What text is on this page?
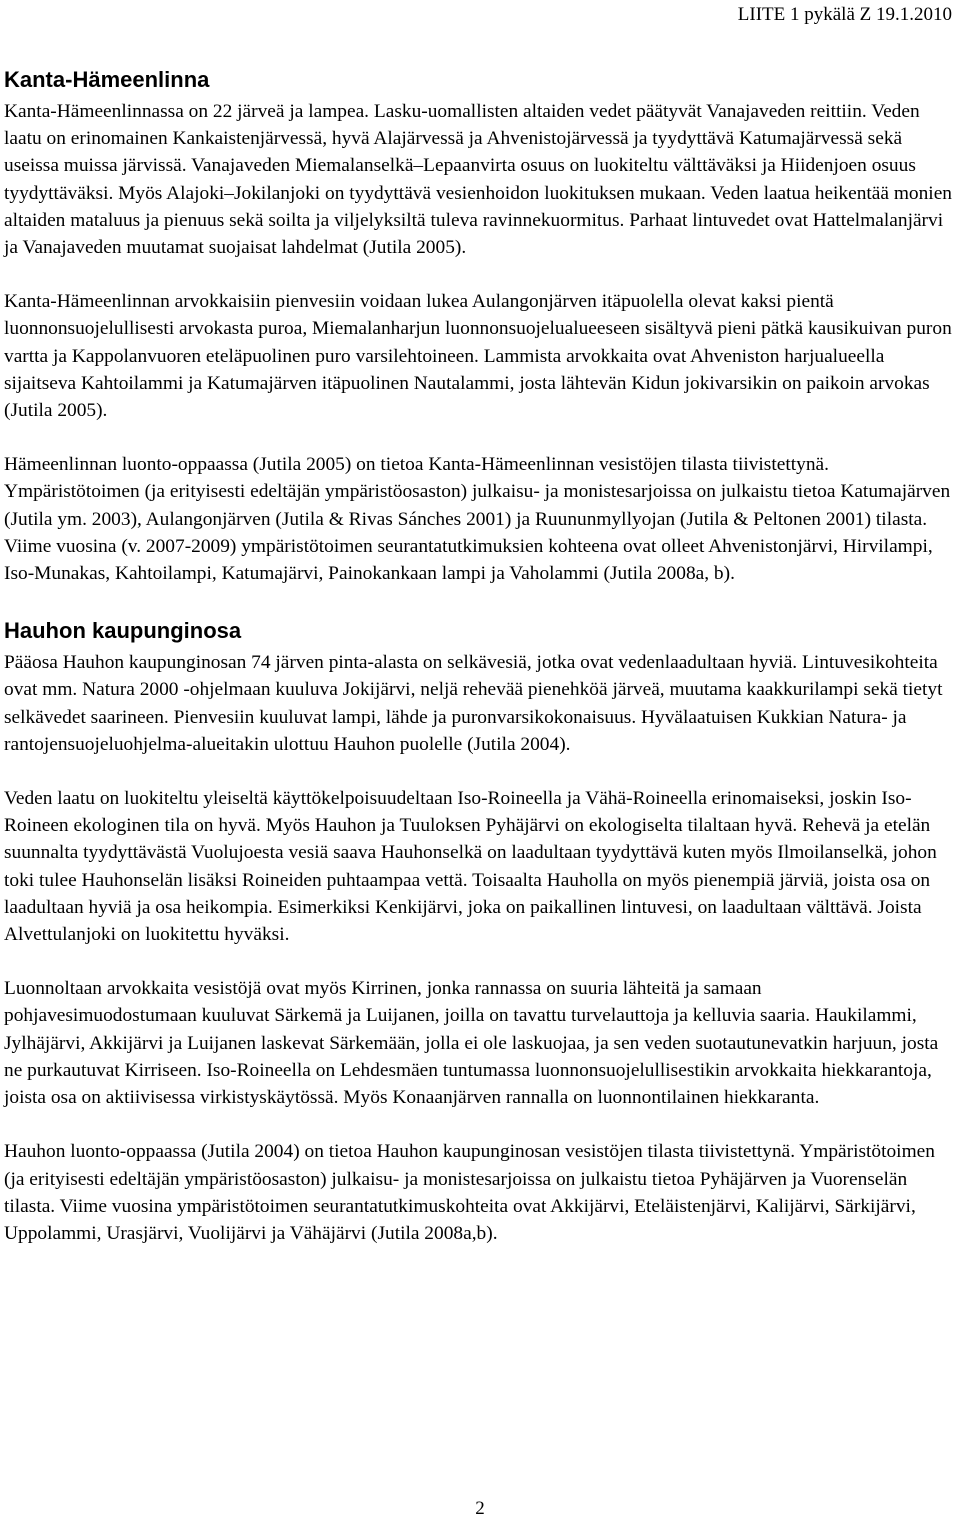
LIITE 1 pykälä Z 19.1.2010
Kanta-Hämeenlinna

Kanta-Hämeenlinnassa on 22 järveä ja lampea. Lasku-uomallisten altaiden vedet päätyvät Vanajaveden reittiin. Veden laatu on erinomainen Kankaistenjärvessä, hyvä Alajärvessä ja Ahvenistojärvessä ja tyydyttävä Katumajärvessä sekä useissa muissa järvissä. Vanajaveden Miemalanselkä–Lepaanvirta osuus on luokiteltu välttäväksi ja Hiidenjoen osuus tyydyttäväksi. Myös Alajoki–Jokilanjoki on tyydyttävä vesienhoidon luokituksen mukaan. Veden laatua heikentää monien altaiden mataluus ja pienuus sekä soilta ja viljelyksiltä tuleva ravinnekuormitus. Parhaat lintuvedet ovat Hattelmalanjärvi ja Vanajaveden muutamat suojaisat lahdelmat (Jutila 2005).

Kanta-Hämeenlinnan arvokkaisiin pienvesiin voidaan lukea Aulangonjärven itäpuolella olevat kaksi pientä luonnonsuojelullisesti arvokasta puroa, Miemalanharjun luonnonsuojelualueeseen sisältyvä pieni pätkä kausikuivan puron vartta ja Kappolanvuoren eteläpuolinen puro varsilehtoineen. Lammista arvokkaita ovat Ahveniston harjualueella sijaitseva Kahtoilammi ja Katumajärven itäpuolinen Nautalammi, josta lähtevän Kidun jokivarsikin on paikoin arvokas (Jutila 2005).

Hämeenlinnan luonto-oppaassa (Jutila 2005) on tietoa Kanta-Hämeenlinnan vesistöjen tilasta tiivistettynä. Ympäristötoimen (ja erityisesti edeltäjän ympäristöosaston) julkaisu- ja monistesarjoissa on julkaistu tietoa Katumajärven (Jutila ym. 2003), Aulangonjärven (Jutila & Rivas Sánches 2001) ja Ruununmyllyojan (Jutila & Peltonen 2001) tilasta. Viime vuosina (v. 2007-2009) ympäristötoimen seurantatutkimuksien kohteena ovat olleet Ahvenistonjärvi, Hirvilampi, Iso-Munakas, Kahtoilampi, Katumajärvi, Painokankaan lampi ja Vaholammi (Jutila 2008a, b).

Hauhon kaupunginosa

Pääosa Hauhon kaupunginosan 74 järven pinta-alasta on selkävesiä, jotka ovat vedenlaadultaan hyviä. Lintuvesikohteita ovat mm. Natura 2000 -ohjelmaan kuuluva Jokijärvi, neljä rehevää pienehköä järveä, muutama kaakkurilampi sekä tietyt selkävedet saarineen. Pienvesiin kuuluvat lampi, lähde ja puronvarsikokonaisuus. Hyvälaatuisen Kukkian Natura- ja rantojensuojeluohjelma-alueitakin ulottuu Hauhon puolelle (Jutila 2004).

Veden laatu on luokiteltu yleiseltä käyttökelpoisuudeltaan Iso-Roineella ja Vähä-Roineella erinomaiseksi, joskin Iso-Roineen ekologinen tila on hyvä. Myös Hauhon ja Tuuloksen Pyhäjärvi on ekologiselta tilaltaan hyvä. Rehevä ja etelän suunnalta tyydyttävästä Vuolujoesta vesiä saava Hauhonselkä on laadultaan tyydyttävä kuten myös Ilmoilanselkä, johon toki tulee Hauhonselän lisäksi Roineiden puhtaampaa vettä. Toisaalta Hauholla on myös pienempiä järviä, joista osa on laadultaan hyviä ja osa heikompia. Esimerkiksi Kenkijärvi, joka on paikallinen lintuvesi, on laadultaan välttävä. Joista Alvettulanjoki on luokitettu hyväksi.

Luonnoltaan arvokkaita vesistöjä ovat myös Kirrinen, jonka rannassa on suuria lähteitä ja samaan pohjavesimuodostumaan kuuluvat Särkemä ja Luijanen, joilla on tavattu turvelauttoja ja kelluvia saaria. Haukilammi, Jylhäjärvi, Akkijärvi ja Luijanen laskevat Särkemään, jolla ei ole laskuojaa, ja sen veden suotautunevatkin harjuun, josta ne purkautuvat Kirriseen. Iso-Roineella on Lehdesmäen tuntumassa luonnonsuojelullisestikin arvokkaita hiekkarantoja, joista osa on aktiivisessa virkistyskäytössä. Myös Konaanjärven rannalla on luonnontilainen hiekkaranta.

Hauhon luonto-oppaassa (Jutila 2004) on tietoa Hauhon kaupunginosan vesistöjen tilasta tiivistettynä. Ympäristötoimen (ja erityisesti edeltäjän ympäristöosaston) julkaisu- ja monistesarjoissa on julkaistu tietoa Pyhäjärven ja Vuorenselän tilasta. Viime vuosina ympäristötoimen seurantatutkimuskohteita ovat Akkijärvi, Eteläistenjärvi, Kalijärvi, Särkijärvi, Uppolammi, Urasjärvi, Vuolijärvi ja Vähäjärvi (Jutila 2008a,b).

2
